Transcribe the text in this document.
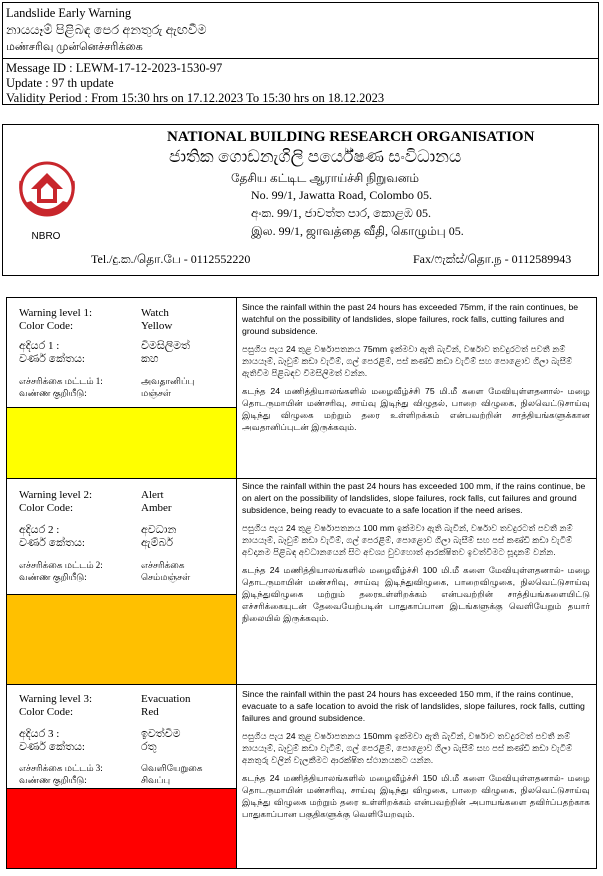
Landslide Early Warning
නායයෑම් පිළිබඳ පෙර අනතුරු ඇඟවීම
மண்சரிவு முன்னெச்சரிக்கை
Message ID : LEWM-17-12-2023-1530-97
Update : 97 th update
Validity Period : From 15:30 hrs on 17.12.2023 To 15:30 hrs on 18.12.2023
NBRO
NATIONAL BUILDING RESEARCH ORGANISATION
ජාතික ගොඩනැගිලි පර්යේෂණ සංවිධානය
தேசிய கட்டிட ஆராய்ச்சி நிறுவனம்
No. 99/1, Jawatta Road, Colombo 05.
අංක. 99/1, ජාවත්ත පාර, කොළඹ 05.
இல. 99/1, ஜாவத்தை வீதி, கொழும்பு 05.
Tel./දු.ක./தொ.பே - 0112552220	Fax/ෆැක්ස්/தொ.ந - 0112589943
Warning level 1:	Watch
Color Code:	Yellow
අදියර 1 :	විමසිලිමත්
වර්ණ කේතය:	කහ
எச்சரிக்கை மட்டம் 1:	அவதானிப்பு
வண்ண குறியீடு:	மஞ்சள்

Since the rainfall within the past 24 hours has exceeded 75mm, if the rain continues, be watchful on the possibility of landslides, slope failures, rock falls, cutting failures and ground subsidence.

පසුගිය පැය 24 තුළ වර්ෂාපතනය 75mm ඉක්මවා ඇති බැවින්, වර්ෂාව තවදුරටත් පවතී නම් නායයෑම්, බෑවුම් කඩා වැටීම්, ගල් පෙරළීම්, පස් කණ්ඩි කඩා වැටීම් සහ පොළොව ගිලා බැසීම් ඇතිවීම පිළිබඳව විමසිලිමත් වන්න.

கடந்த 24 மணித்தியாலங்களில் மழைவீழ்ச்சி 75 மி.மீ களை மேவியுள்ளதனால்- மழை தொடருமாயின் மண்சரிவு, சாய்வு இடிந்து விழுதல், பாறை விழுகை, நிலவெட்டுசாய்வு இடிந்து விழுகை மற்றும் தரை உள்ளிறக்கம் என்பவற்றின் சாத்தியங்களுக்கான அவதானிப்புடன் இருக்கவும்.

Warning level 2:	Alert
Color Code:	Amber
අදියර 2 :	අවධාන
වර්ණ කේතය:	ඇම්බර්
எச்சரிக்கை மட்டம் 2:	எச்சரிக்கை
வண்ண குறியீடு:	செம்மஞ்சள்

Since the rainfall within the past 24 hours has exceeded 100 mm, if the rains continue, be on alert on the possibility of landslides, slope failures, rock falls, cut failures and ground subsidence, being ready to evacuate to a safe location if the need arises.

පසුගිය පැය 24 තුළ වර්ෂාපතනය 100 mm ඉක්මවා ඇති බැවින්, වර්ෂාව තවදුරටත් පවතී නම් නායයෑම්, බෑවුම් කඩා වැටීම්, ගල් පෙරළීම්, පොළොව ගිලා බැසීම් සහ පස් කණ්ඩි කඩා වැටීම් අවදානම පිළිබඳ අවධානයෙන් සිට අවශ්‍ය වුවහොත් ආරක්ෂිතව ඉවත්වීමට සූදානම් වන්න.

கடந்த 24 மணித்தியாலங்களில் மழைவீழ்ச்சி 100 மி.மீ களை மேவியுள்ளதனால்- மழை தொடருமாயின் மண்சரிவு, சாய்வு இடிந்துவிழுகை, பாறைவிழுகை, நிலவெட்டுசாய்வு இடிந்துவிழுகை மற்றும் தரைஉள்ளிறக்கம் என்பவற்றின் சாத்தியங்களையிட்டு எச்சரிக்கையுடன் தேவையேற்படின் பாதுகாப்பான இடங்களுக்கு வெளியேறும் தயார் நிலையில் இருக்கவும்.

Warning level 3:	Evacuation
Color Code:	Red
අදියර 3 :	ඉවත්වීම
වර්ණ කේතය:	රතු
எச்சரிக்கை மட்டம் 3:	வெளியேறுகை
வண்ண குறியீடு:	சிவப்பு

Since the rainfall within the past 24 hours has exceeded 150 mm, if the rains continue, evacuate to a safe location to avoid the risk of landslides, slope failures, rock falls, cutting failures and ground subsidence.

පසුගිය පැය 24 තුළ වර්ෂාපතනය 150mm ඉක්මවා ඇති බැවින්, වර්ෂාව තවදුරටත් පවතී නම් නායයෑම්, බෑවුම් කඩා වැටීම්, ගල් පෙරළීම්, පොළොව ගිලා බැසීම් සහ පස් කණ්ඩි කඩා වැටීම් අනතුරු වලින් වැලකීමට ආරක්ෂිත ස්ථානයකට යන්න.

கடந்த 24 மணித்தியாலங்களில் மழைவீழ்ச்சி 150 மி.மீ களை மேவியுள்ளதனால்- மழை தொடருமாயின் மண்சரிவு, சாய்வு இடிந்து விழுகை, பாறை விழுகை, நிலவெட்டுசாய்வு இடிந்து விழுகை மற்றும் தரை உள்ளிறக்கம் என்பவற்றின் அபாயங்களை தவிர்ப்பதற்காக பாதுகாப்பான பகுதிகளுக்கு வெளியேறவும்.
